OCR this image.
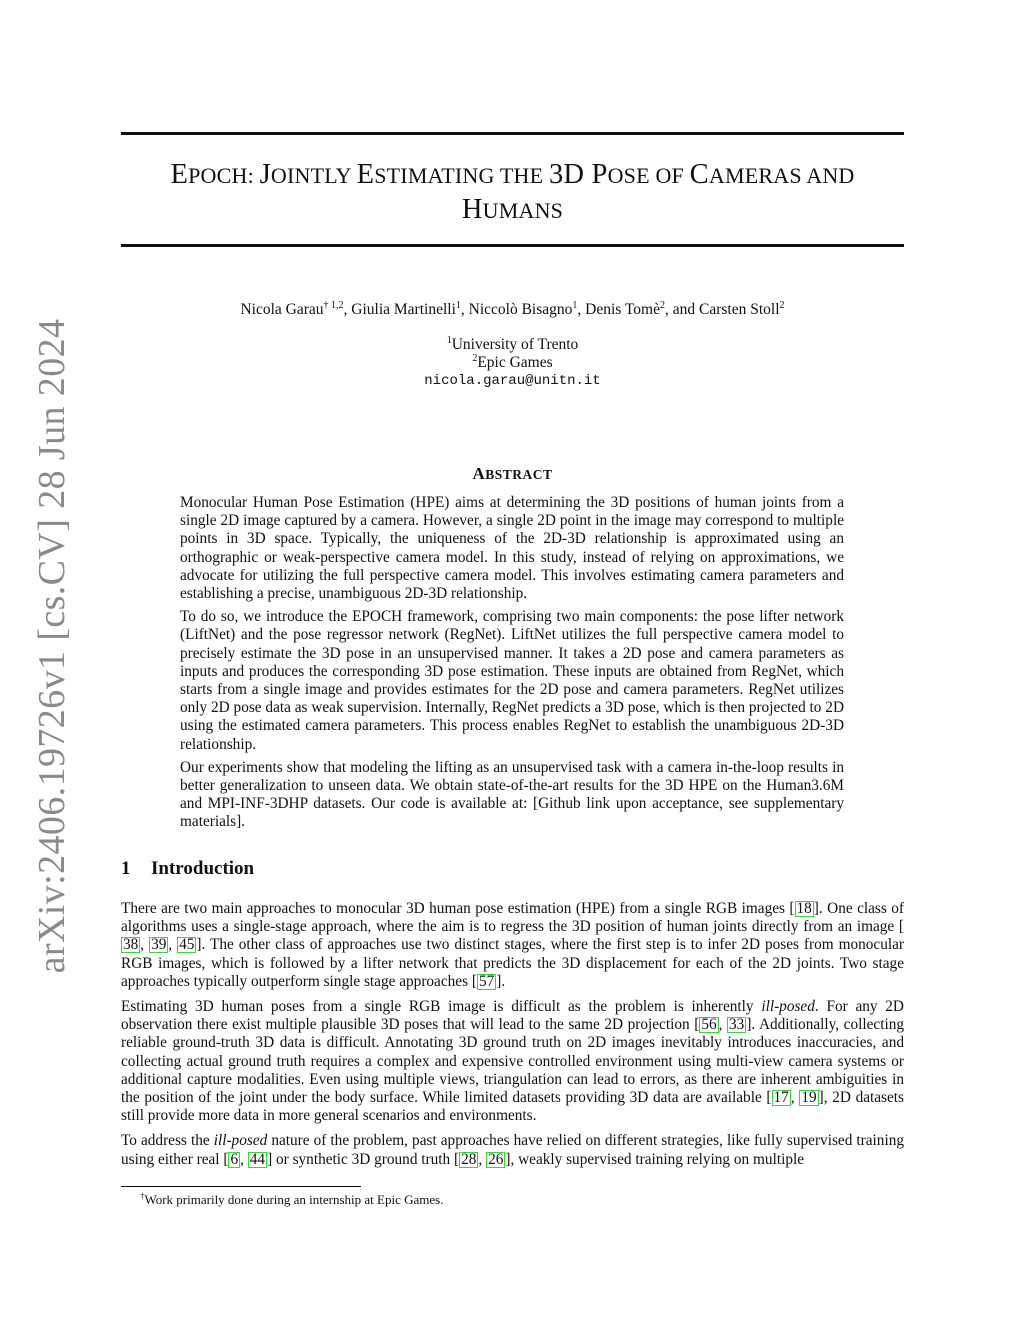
arXiv:2406.19726v1 [cs.CV] 28 Jun 2024
EPOCH: JOINTLY ESTIMATING THE 3D POSE OF CAMERAS AND
HUMANS
Nicola Garau$^{\dagger 1,2}$, Giulia Martinelli$^1$, Niccolò Bisagno$^1$, Denis Tomè$^2$, and Carsten Stoll$^2$
$^1$University of Trento
$^2$Epic Games
nicola.garau@unitn.it
ABSTRACT

Monocular Human Pose Estimation (HPE) aims at determining the 3D positions of human joints from a single 2D image captured by a camera. However, a single 2D point in the image may correspond to multiple points in 3D space. Typically, the uniqueness of the 2D-3D relationship is approximated using an orthographic or weak-perspective camera model. In this study, instead of relying on approximations, we advocate for utilizing the full perspective camera model. This involves estimating camera parameters and establishing a precise, unambiguous 2D-3D relationship.

To do so, we introduce the EPOCH framework, comprising two main components: the pose lifter network (LiftNet) and the pose regressor network (RegNet). LiftNet utilizes the full perspective camera model to precisely estimate the 3D pose in an unsupervised manner. It takes a 2D pose and camera parameters as inputs and produces the corresponding 3D pose estimation. These inputs are obtained from RegNet, which starts from a single image and provides estimates for the 2D pose and camera parameters. RegNet utilizes only 2D pose data as weak supervision. Internally, RegNet predicts a 3D pose, which is then projected to 2D using the estimated camera parameters. This process enables RegNet to establish the unambiguous 2D-3D relationship.

Our experiments show that modeling the lifting as an unsupervised task with a camera in-the-loop results in better generalization to unseen data. We obtain state-of-the-art results for the 3D HPE on the Human3.6M and MPI-INF-3DHP datasets. Our code is available at: [Github link upon acceptance, see supplementary materials].

1 Introduction

There are two main approaches to monocular 3D human pose estimation (HPE) from a single RGB images [ 18 ]. One class of algorithms uses a single-stage approach, where the aim is to regress the 3D position of human joints directly from an image [38 , 39 , 45 ]. The other class of approaches use two distinct stages, where the first step is to infer 2D poses from monocular RGB images, which is followed by a lifter network that predicts the 3D displacement for each of the 2D joints. Two stage approaches typically outperform single stage approaches [ 57 ].

Estimating 3D human poses from a single RGB image is difficult as the problem is inherently ill-posed. For any 2D observation there exist multiple plausible 3D poses that will lead to the same 2D projection [ 56 , 33 ]. Additionally, collecting reliable ground-truth 3D data is difficult. Annotating 3D ground truth on 2D images inevitably introduces inaccuracies, and collecting actual ground truth requires a complex and expensive controlled environment using multi-view camera systems or additional capture modalities. Even using multiple views, triangulation can lead to errors, as there are inherent ambiguities in the position of the joint under the body surface. While limited datasets providing 3D data are available [ 17 , 19 ], 2D datasets still provide more data in more general scenarios and environments.

To address the ill-posed nature of the problem, past approaches have relied on different strategies, like fully supervised training using either real [ 6 , 44 ] or synthetic 3D ground truth [ 28 , 26 ], weakly supervised training relying on multiple

†Work primarily done during an internship at Epic Games.
